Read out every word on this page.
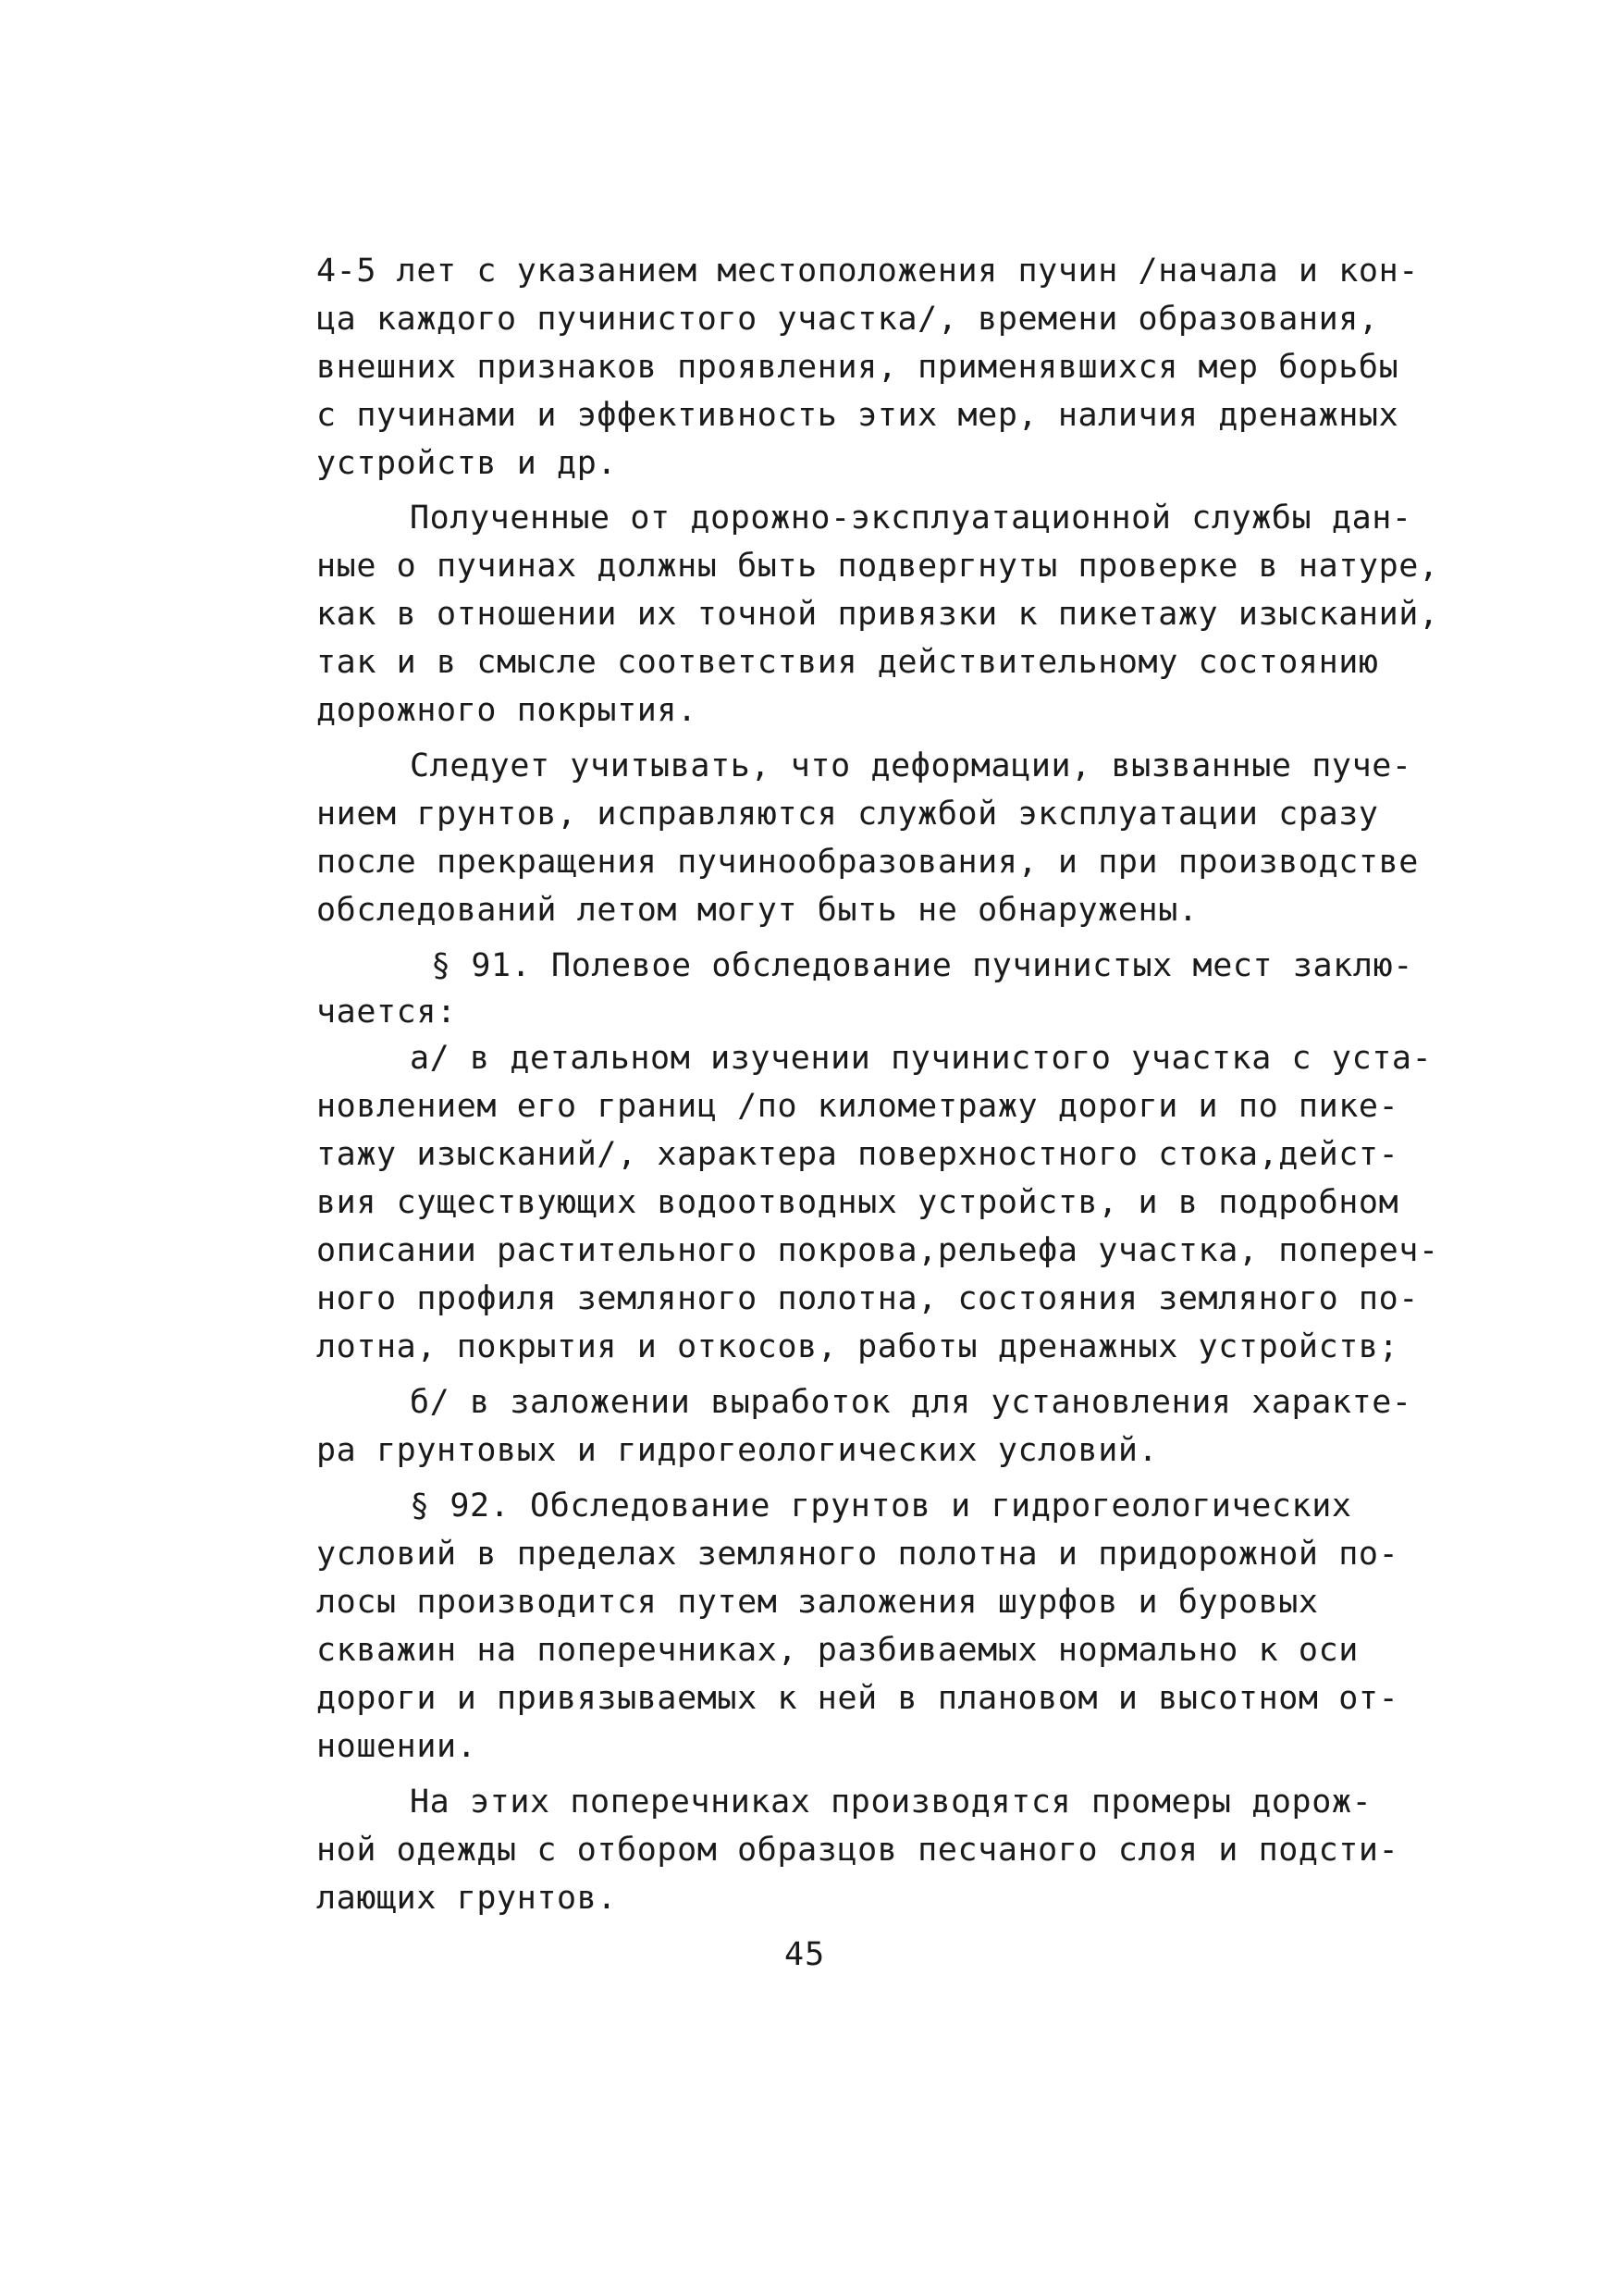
4-5 лет с указанием местоположения пучин /начала и кон-
ца каждого пучинистого участка/, времени образования,
внешних признаков проявления, применявшихся мер борьбы
с пучинами и эффективность этих мер, наличия дренажных
устройств и др.
Полученные от дорожно-эксплуатационной службы дан-
ные о пучинах должны быть подвергнуты проверке в натуре,
как в отношении их точной привязки к пикетажу изысканий,
так и в смысле соответствия действительному состоянию
дорожного покрытия.
Следует учитывать, что деформации, вызванные пуче-
нием грунтов, исправляются службой эксплуатации сразу
после прекращения пучинообразования, и при производстве
обследований летом могут быть не обнаружены.
§ 91. Полевое обследование пучинистых мест заклю-
чается:
а/ в детальном изучении пучинистого участка с уста-
новлением его границ /по километражу дороги и по пике-
тажу изысканий/, характера поверхностного стока,дейст-
вия существующих водоотводных устройств, и в подробном
описании растительного покрова,рельефа участка, попереч-
ного профиля земляного полотна, состояния земляного по-
лотна, покрытия и откосов, работы дренажных устройств;
б/ в заложении выработок для установления характе-
ра грунтовых и гидрогеологических условий.
§ 92. Обследование грунтов и гидрогеологических
условий в пределах земляного полотна и придорожной по-
лосы производится путем заложения шурфов и буровых
скважин на поперечниках, разбиваемых нормально к оси
дороги и привязываемых к ней в плановом и высотном от-
ношении.
На этих поперечниках производятся промеры дорож-
ной одежды с отбором образцов песчаного слоя и подсти-
лающих грунтов.
45
